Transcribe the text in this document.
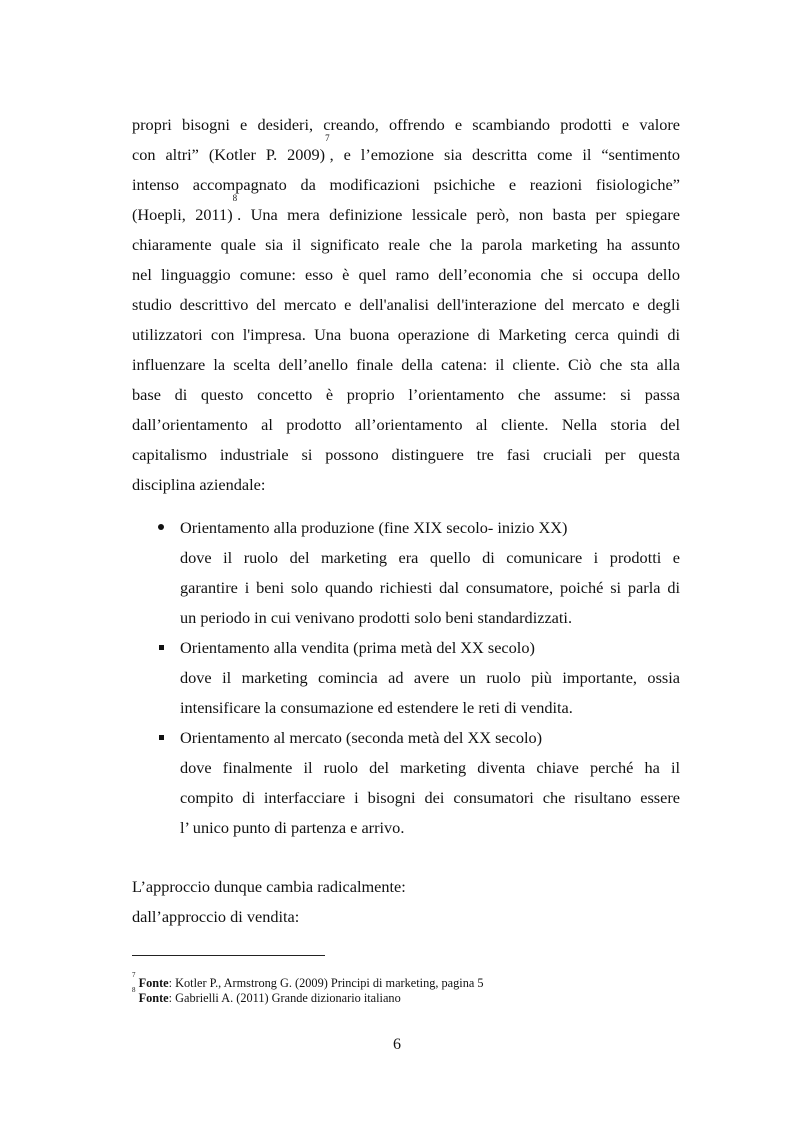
propri bisogni e desideri, creando, offrendo e scambiando prodotti e valore
con altri” (Kotler P. 2009)$^7$, e l’emozione sia descritta come il “sentimento
intenso accompagnato da modificazioni psichiche e reazioni fisiologiche”
(Hoepli, 2011)$^8$. Una mera definizione lessicale però, non basta per spiegare
chiaramente quale sia il significato reale che la parola marketing ha assunto
nel linguaggio comune: esso è quel ramo dell’economia che si occupa dello
studio descrittivo del mercato e dell'analisi dell'interazione del mercato e degli
utilizzatori con l'impresa. Una buona operazione di Marketing cerca quindi di
influenzare la scelta dell’anello finale della catena: il cliente. Ciò che sta alla
base di questo concetto è proprio l’orientamento che assume: si passa
dall’orientamento al prodotto all’orientamento al cliente. Nella storia del
capitalismo industriale si possono distinguere tre fasi cruciali per questa
disciplina aziendale:
Orientamento alla produzione (fine XIX secolo- inizio XX)
dove il ruolo del marketing era quello di comunicare i prodotti e
garantire i beni solo quando richiesti dal consumatore, poiché si parla di
un periodo in cui venivano prodotti solo beni standardizzati.
Orientamento alla vendita (prima metà del XX secolo)
dove il marketing comincia ad avere un ruolo più importante, ossia
intensificare la consumazione ed estendere le reti di vendita.
Orientamento al mercato (seconda metà del XX secolo)
dove finalmente il ruolo del marketing diventa chiave perché ha il
compito di interfacciare i bisogni dei consumatori che risultano essere
l’ unico punto di partenza e arrivo.
L’approccio dunque cambia radicalmente:
dall’approccio di vendita:
$^7$ Fonte: Kotler P., Armstrong G. (2009) Principi di marketing, pagina 5
$^8$ Fonte: Gabrielli A. (2011) Grande dizionario italiano
6
